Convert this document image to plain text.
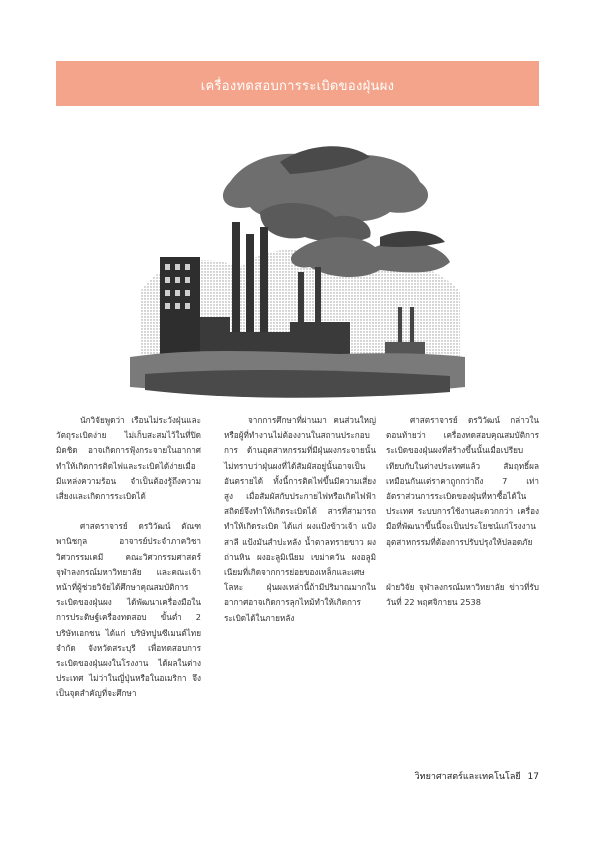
เครื่องทดสอบการระเบิดของฝุ่นผง

นักวิจัยพูดว่า เรือนไม่ระวังฝุ่นและวัตถุระเบิดง่าย ไม่เก็บสะสมไว้ในที่ปิดมิดชิด อาจเกิดการฟุ้งกระจายในอากาศทำให้เกิดการติดไฟและระเบิดได้ง่ายเมื่อมีแหล่งความร้อน จำเป็นต้องรู้ถึงความเสี่ยงและเกิดการระเบิดได้

ศาสตราจารย์ ดรวิวัฒน์ ตัณฑพานิชกุล อาจารย์ประจำภาควิชาวิศวกรรมเคมี คณะวิศวกรรมศาสตร์ จุฬาลงกรณ์มหาวิทยาลัย และคณะเจ้าหน้าที่ผู้ช่วยวิจัยได้ศึกษาคุณสมบัติการระเบิดของฝุ่นผง ได้พัฒนาเครื่องมือในการประดิษฐ์เครื่องทดสอบ ขั้นต่ำ 2 บริษัทเอกชน ได้แก่ บริษัทปูนซีเมนต์ไทย จำกัด จังหวัดสระบุรี เพื่อทดสอบการระเบิดของฝุ่นผงในโรงงาน ได้ผลในต่างประเทศ ไม่ว่าในญี่ปุ่นหรือในอเมริกา จึงเป็นจุดสำคัญที่จะศึกษา

จากการศึกษาที่ผ่านมา คนส่วนใหญ่หรือผู้ที่ทำงานไม่ต้องงานในสถานประกอบการ ด้านอุตสาหกรรมที่มีฝุ่นผงกระจายนั้นไม่ทราบว่าฝุ่นผงที่ได้สัมผัสอยู่นั้นอาจเป็นอันตรายได้ ทั้งนี้การติดไฟขึ้นมีความเสี่ยงสูง เมื่อสัมผัสกับประกายไฟหรือเกิดไฟฟ้าสถิตย์จึงทำให้เกิดระเบิดได้ สารที่สามารถทำให้เกิดระเบิด ได้แก่ ผงแป้งข้าวเจ้า แป้งสาลี แป้งมันสำปะหลัง น้ำตาลทรายขาว ผงถ่านหิน ผงอะลูมิเนียม เขม่าควัน ผงอลูมิเนียมที่เกิดจากการย่อยของเหล็กและเศษโลหะ ฝุ่นผงเหล่านี้ถ้ามีปริมาณมากในอากาศอาจเกิดการลุกไหม้ทำให้เกิดการระเบิดได้ในภายหลัง

ศาสตราจารย์ ดรวิวัฒน์ กล่าวในตอนท้ายว่า เครื่องทดสอบคุณสมบัติการระเบิดของฝุ่นผงที่สร้างขึ้นนั้นเมื่อเปรียบเทียบกับในต่างประเทศแล้ว สัมฤทธิ์ผลเหมือนกันแต่ราคาถูกกว่าถึง 7 เท่า อัตราส่วนการระเบิดของฝุ่นที่หาซื้อได้ในประเทศ ระบบการใช้งานสะดวกกว่า เครื่องมือที่พัฒนาขึ้นนี้จะเป็นประโยชน์แก่โรงงานอุตสาหกรรมที่ต้องการปรับปรุงให้ปลอดภัย

ฝ่ายวิจัย จุฬาลงกรณ์มหาวิทยาลัย ข่าวที่รับวันที่ 22 พฤศจิกายน 2538

วิทยาศาสตร์และเทคโนโลยี 17
